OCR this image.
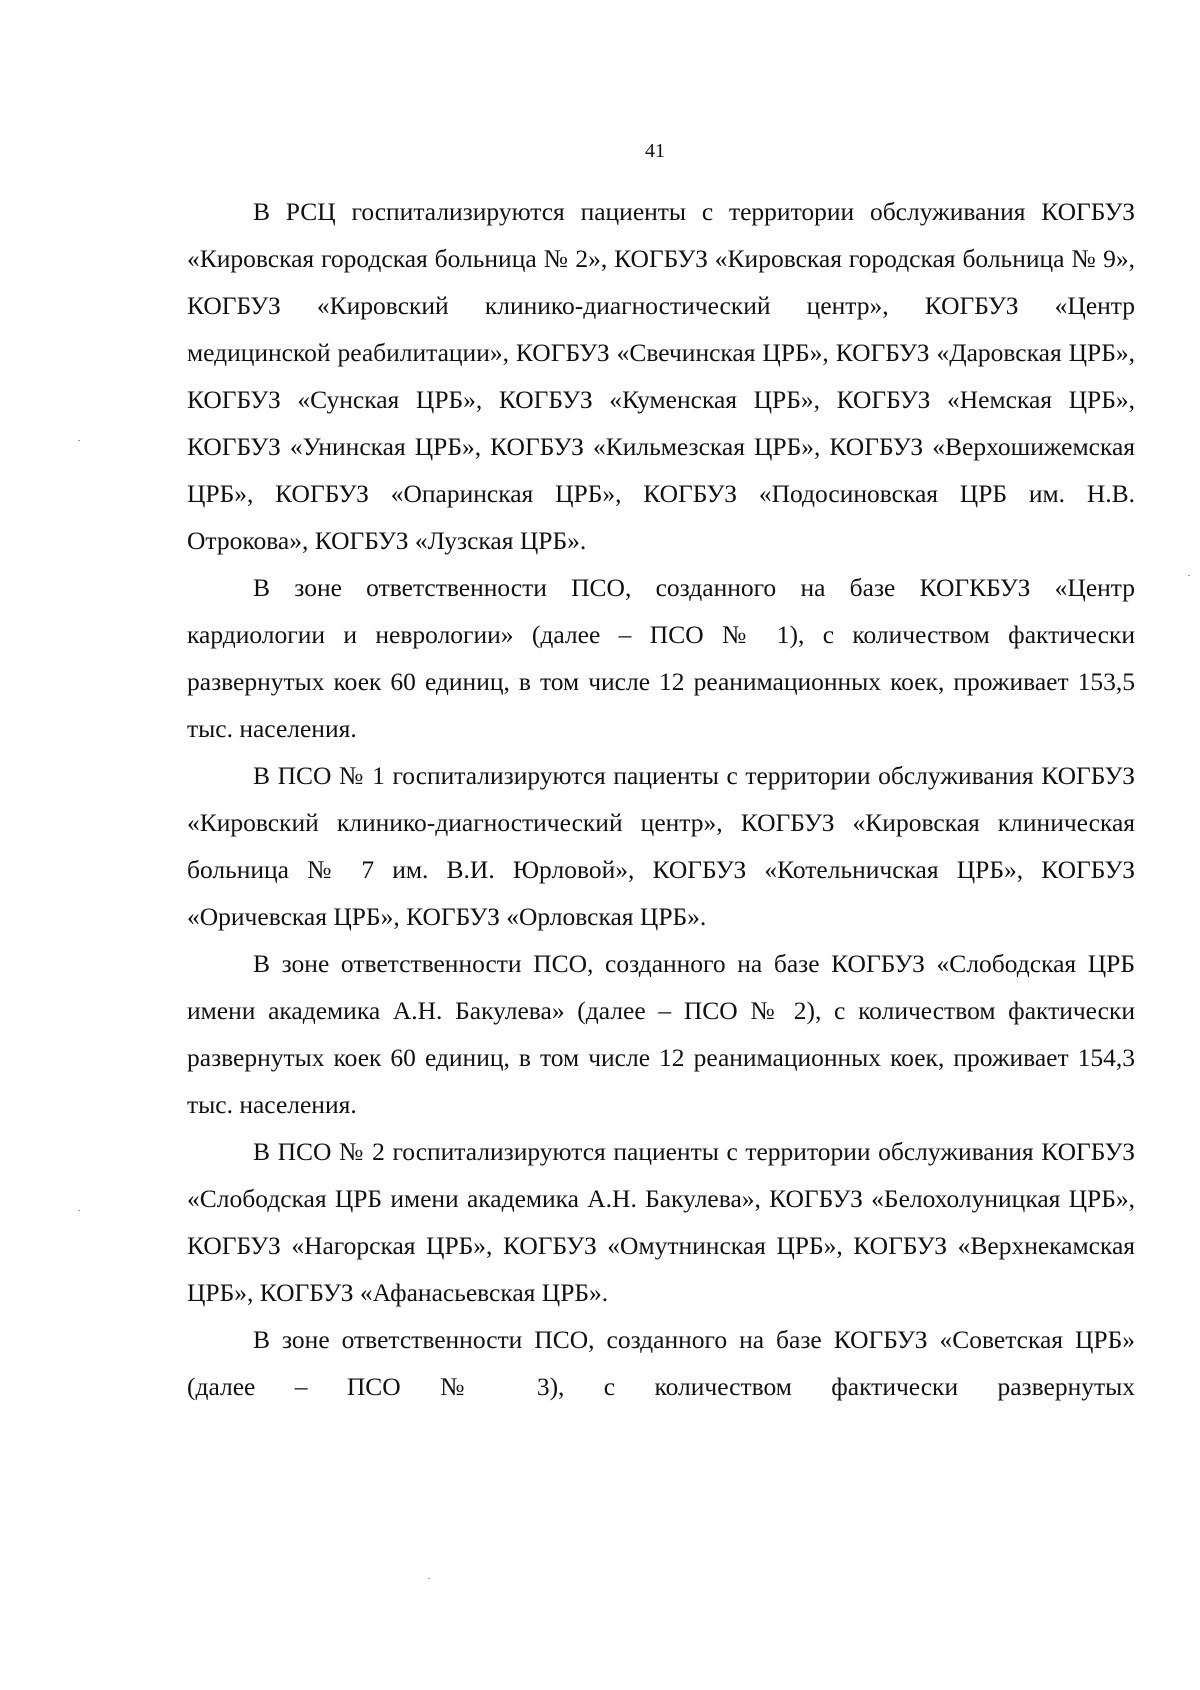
41

В РСЦ госпитализируются пациенты с территории обслуживания КОГБУЗ «Кировская городская больница № 2», КОГБУЗ «Кировская городская больница № 9», КОГБУЗ «Кировский клинико-диагностический центр», КОГБУЗ «Центр медицинской реабилитации», КОГБУЗ «Свечинская ЦРБ», КОГБУЗ «Даровская ЦРБ», КОГБУЗ «Сунская ЦРБ», КОГБУЗ «Куменская ЦРБ», КОГБУЗ «Немская ЦРБ», КОГБУЗ «Унинская ЦРБ», КОГБУЗ «Кильмезская ЦРБ», КОГБУЗ «Верхошижемская ЦРБ», КОГБУЗ «Опаринская ЦРБ», КОГБУЗ «Подосиновская ЦРБ им. Н.В. Отрокова», КОГБУЗ «Лузская ЦРБ».

В зоне ответственности ПСО, созданного на базе КОГКБУЗ «Центр кардиологии и неврологии» (далее – ПСО № 1), с количеством фактически развернутых коек 60 единиц, в том числе 12 реанимационных коек, проживает 153,5 тыс. населения.

В ПСО № 1 госпитализируются пациенты с территории обслуживания КОГБУЗ «Кировский клинико-диагностический центр», КОГБУЗ «Кировская клиническая больница № 7 им. В.И. Юрловой», КОГБУЗ «Котельничская ЦРБ», КОГБУЗ «Оричевская ЦРБ», КОГБУЗ «Орловская ЦРБ».

В зоне ответственности ПСО, созданного на базе КОГБУЗ «Слободская ЦРБ имени академика А.Н. Бакулева» (далее – ПСО № 2), с количеством фактически развернутых коек 60 единиц, в том числе 12 реанимационных коек, проживает 154,3 тыс. населения.

В ПСО № 2 госпитализируются пациенты с территории обслуживания КОГБУЗ «Слободская ЦРБ имени академика А.Н. Бакулева», КОГБУЗ «Белохолуницкая ЦРБ», КОГБУЗ «Нагорская ЦРБ», КОГБУЗ «Омутнинская ЦРБ», КОГБУЗ «Верхнекамская ЦРБ», КОГБУЗ «Афанасьевская ЦРБ».

В зоне ответственности ПСО, созданного на базе КОГБУЗ «Советская ЦРБ» (далее – ПСО № 3), с количеством фактически развернутых
